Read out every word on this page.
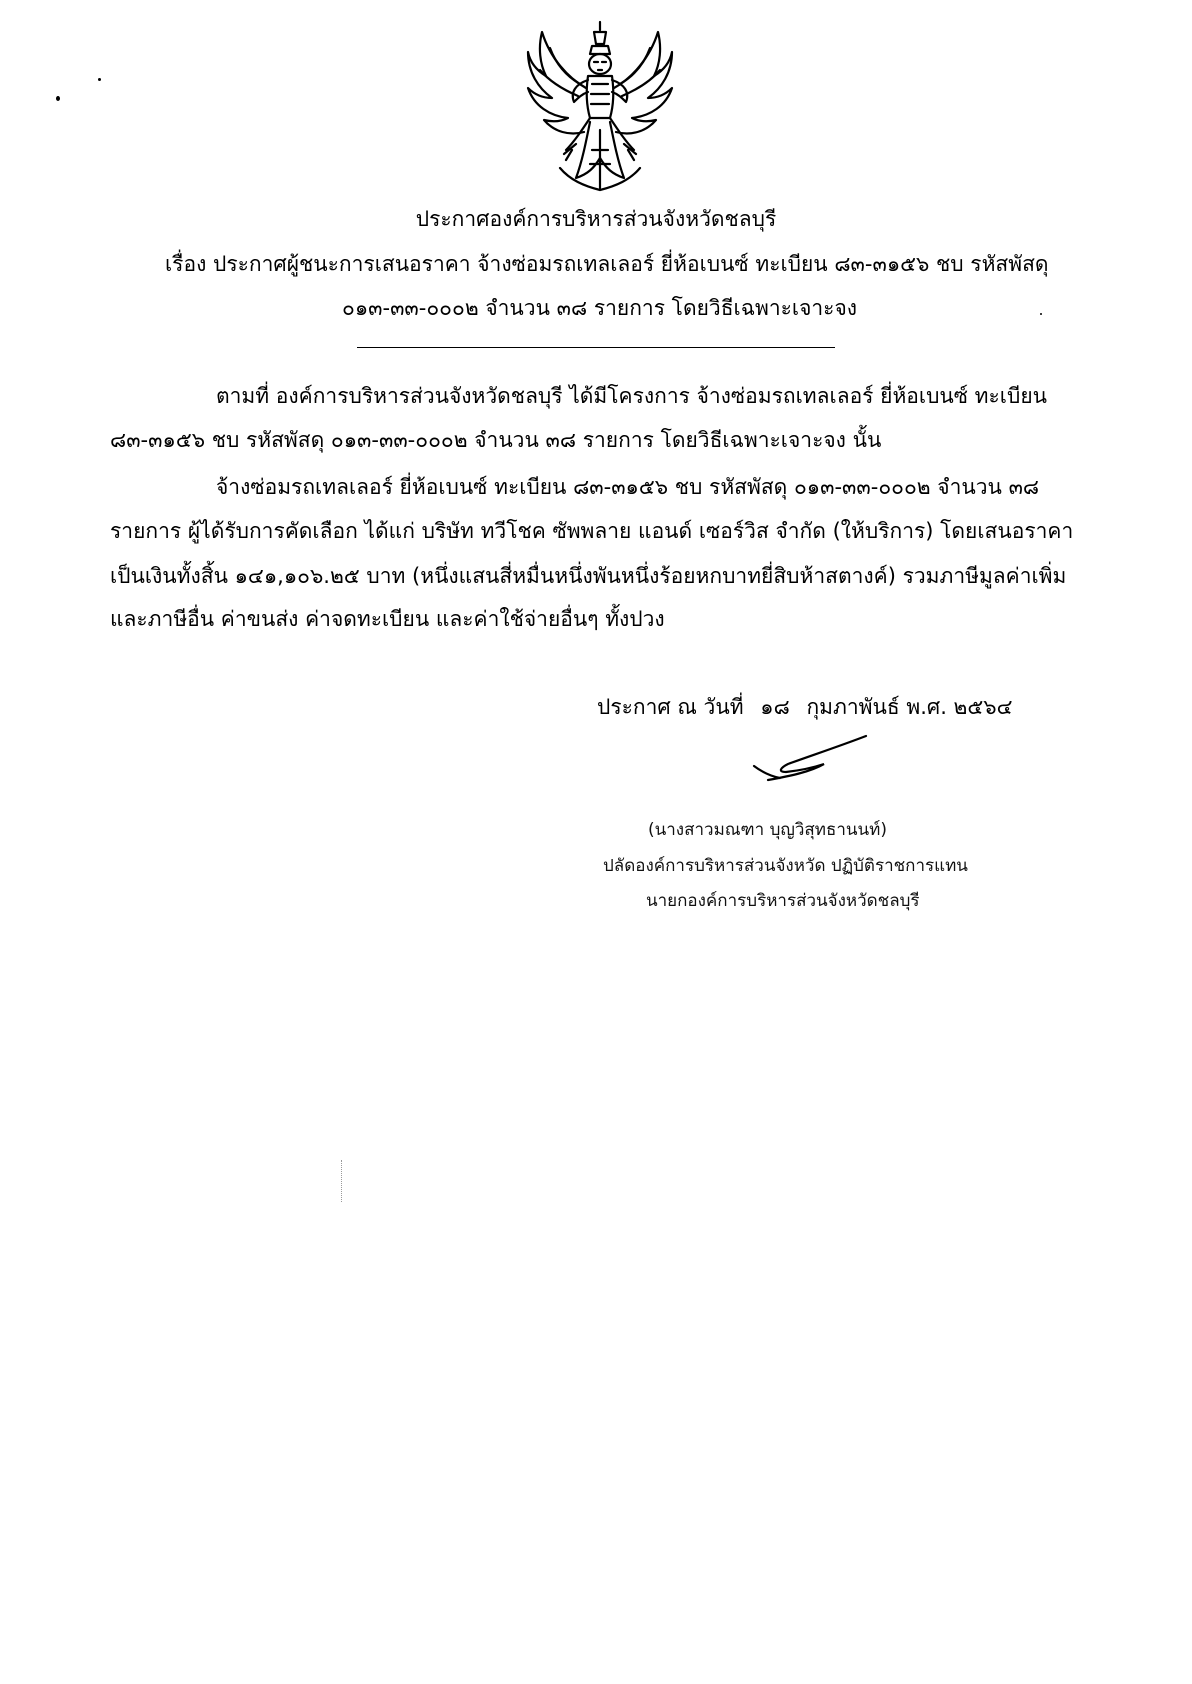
ประกาศองค์การบริหารส่วนจังหวัดชลบุรี
เรื่อง ประกาศผู้ชนะการเสนอราคา จ้างซ่อมรถเทลเลอร์ ยี่ห้อเบนซ์ ทะเบียน ๘๓-๓๑๕๖ ชบ รหัสพัสดุ
๐๑๓-๓๓-๐๐๐๒ จำนวน ๓๘ รายการ โดยวิธีเฉพาะเจาะจง
ตามที่ องค์การบริหารส่วนจังหวัดชลบุรี ได้มีโครงการ จ้างซ่อมรถเทลเลอร์ ยี่ห้อเบนซ์ ทะเบียน
๘๓-๓๑๕๖ ชบ รหัสพัสดุ ๐๑๓-๓๓-๐๐๐๒ จำนวน ๓๘ รายการ โดยวิธีเฉพาะเจาะจง นั้น
จ้างซ่อมรถเทลเลอร์ ยี่ห้อเบนซ์ ทะเบียน ๘๓-๓๑๕๖ ชบ รหัสพัสดุ ๐๑๓-๓๓-๐๐๐๒ จำนวน ๓๘
รายการ ผู้ได้รับการคัดเลือก ได้แก่ บริษัท ทวีโชค ซัพพลาย แอนด์ เซอร์วิส จำกัด (ให้บริการ) โดยเสนอราคา
เป็นเงินทั้งสิ้น ๑๔๑,๑๐๖.๒๕ บาท (หนึ่งแสนสี่หมื่นหนึ่งพันหนึ่งร้อยหกบาทยี่สิบห้าสตางค์) รวมภาษีมูลค่าเพิ่ม
และภาษีอื่น ค่าขนส่ง ค่าจดทะเบียน และค่าใช้จ่ายอื่นๆ ทั้งปวง
ประกาศ ณ วันที่ ๑๘ กุมภาพันธ์ พ.ศ. ๒๕๖๔
(นางสาวมณฑา บุญวิสุทธานนท์)
ปลัดองค์การบริหารส่วนจังหวัด ปฏิบัติราชการแทน
นายกองค์การบริหารส่วนจังหวัดชลบุรี
